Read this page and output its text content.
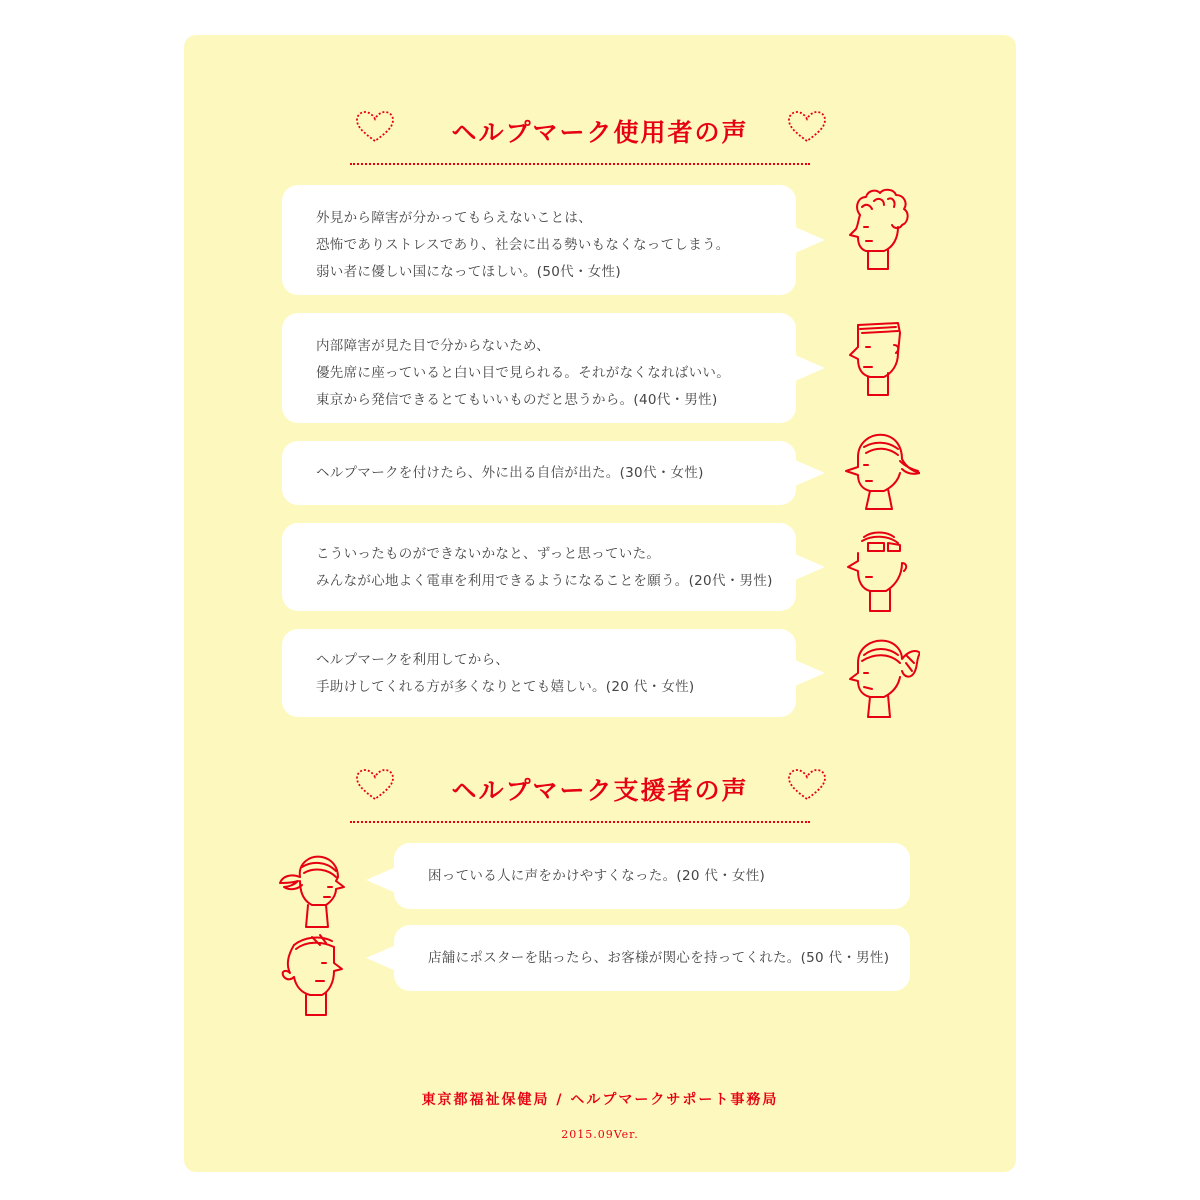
ヘルプマーク使用者の声
外見から障害が分かってもらえないことは、
恐怖でありストレスであり、社会に出る勢いもなくなってしまう。
弱い者に優しい国になってほしい。(50代・女性)
内部障害が見た目で分からないため、
優先席に座っていると白い目で見られる。それがなくなればいい。
東京から発信できるとてもいいものだと思うから。(40代・男性)
ヘルプマークを付けたら、外に出る自信が出た。(30代・女性)
こういったものができないかなと、ずっと思っていた。
みんなが心地よく電車を利用できるようになることを願う。(20代・男性)
ヘルプマークを利用してから、
手助けしてくれる方が多くなりとても嬉しい。(20 代・女性)
ヘルプマーク支援者の声
困っている人に声をかけやすくなった。(20 代・女性)
店舗にポスターを貼ったら、お客様が関心を持ってくれた。(50 代・男性)
東京都福祉保健局 / ヘルプマークサポート事務局
2015.09Ver.
